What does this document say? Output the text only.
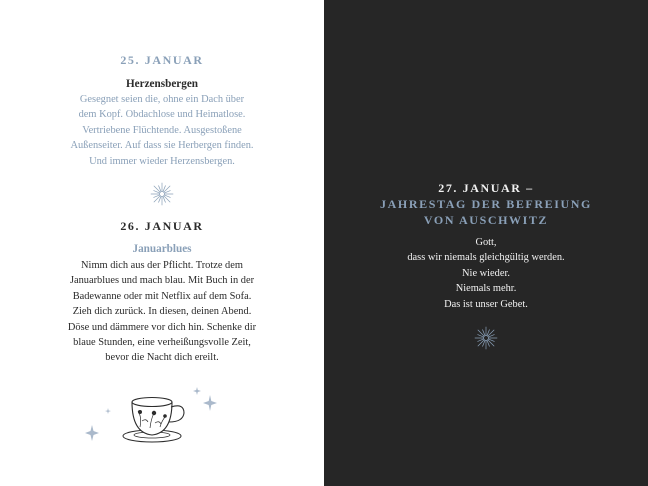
25. JANUAR
Herzensbergen
Gesegnet seien die, ohne ein Dach über
dem Kopf. Obdachlose und Heimatlose.
Vertriebene Flüchtende. Ausgestoßene
Außenseiter. Auf dass sie Herbergen finden.
Und immer wieder Herzensbergen.
26. JANUAR
Januarblues
Nimm dich aus der Pflicht. Trotze dem
Januarblues und mach blau. Mit Buch in der
Badewanne oder mit Netflix auf dem Sofa.
Zieh dich zurück. In diesen, deinen Abend.
Döse und dämmere vor dich hin. Schenke dir
blaue Stunden, eine verheißungsvolle Zeit,
bevor die Nacht dich ereilt.
27. JANUAR –
JAHRESTAG DER BEFREIUNG
VON AUSCHWITZ
Gott,
dass wir niemals gleichgültig werden.
Nie wieder.
Niemals mehr.
Das ist unser Gebet.
